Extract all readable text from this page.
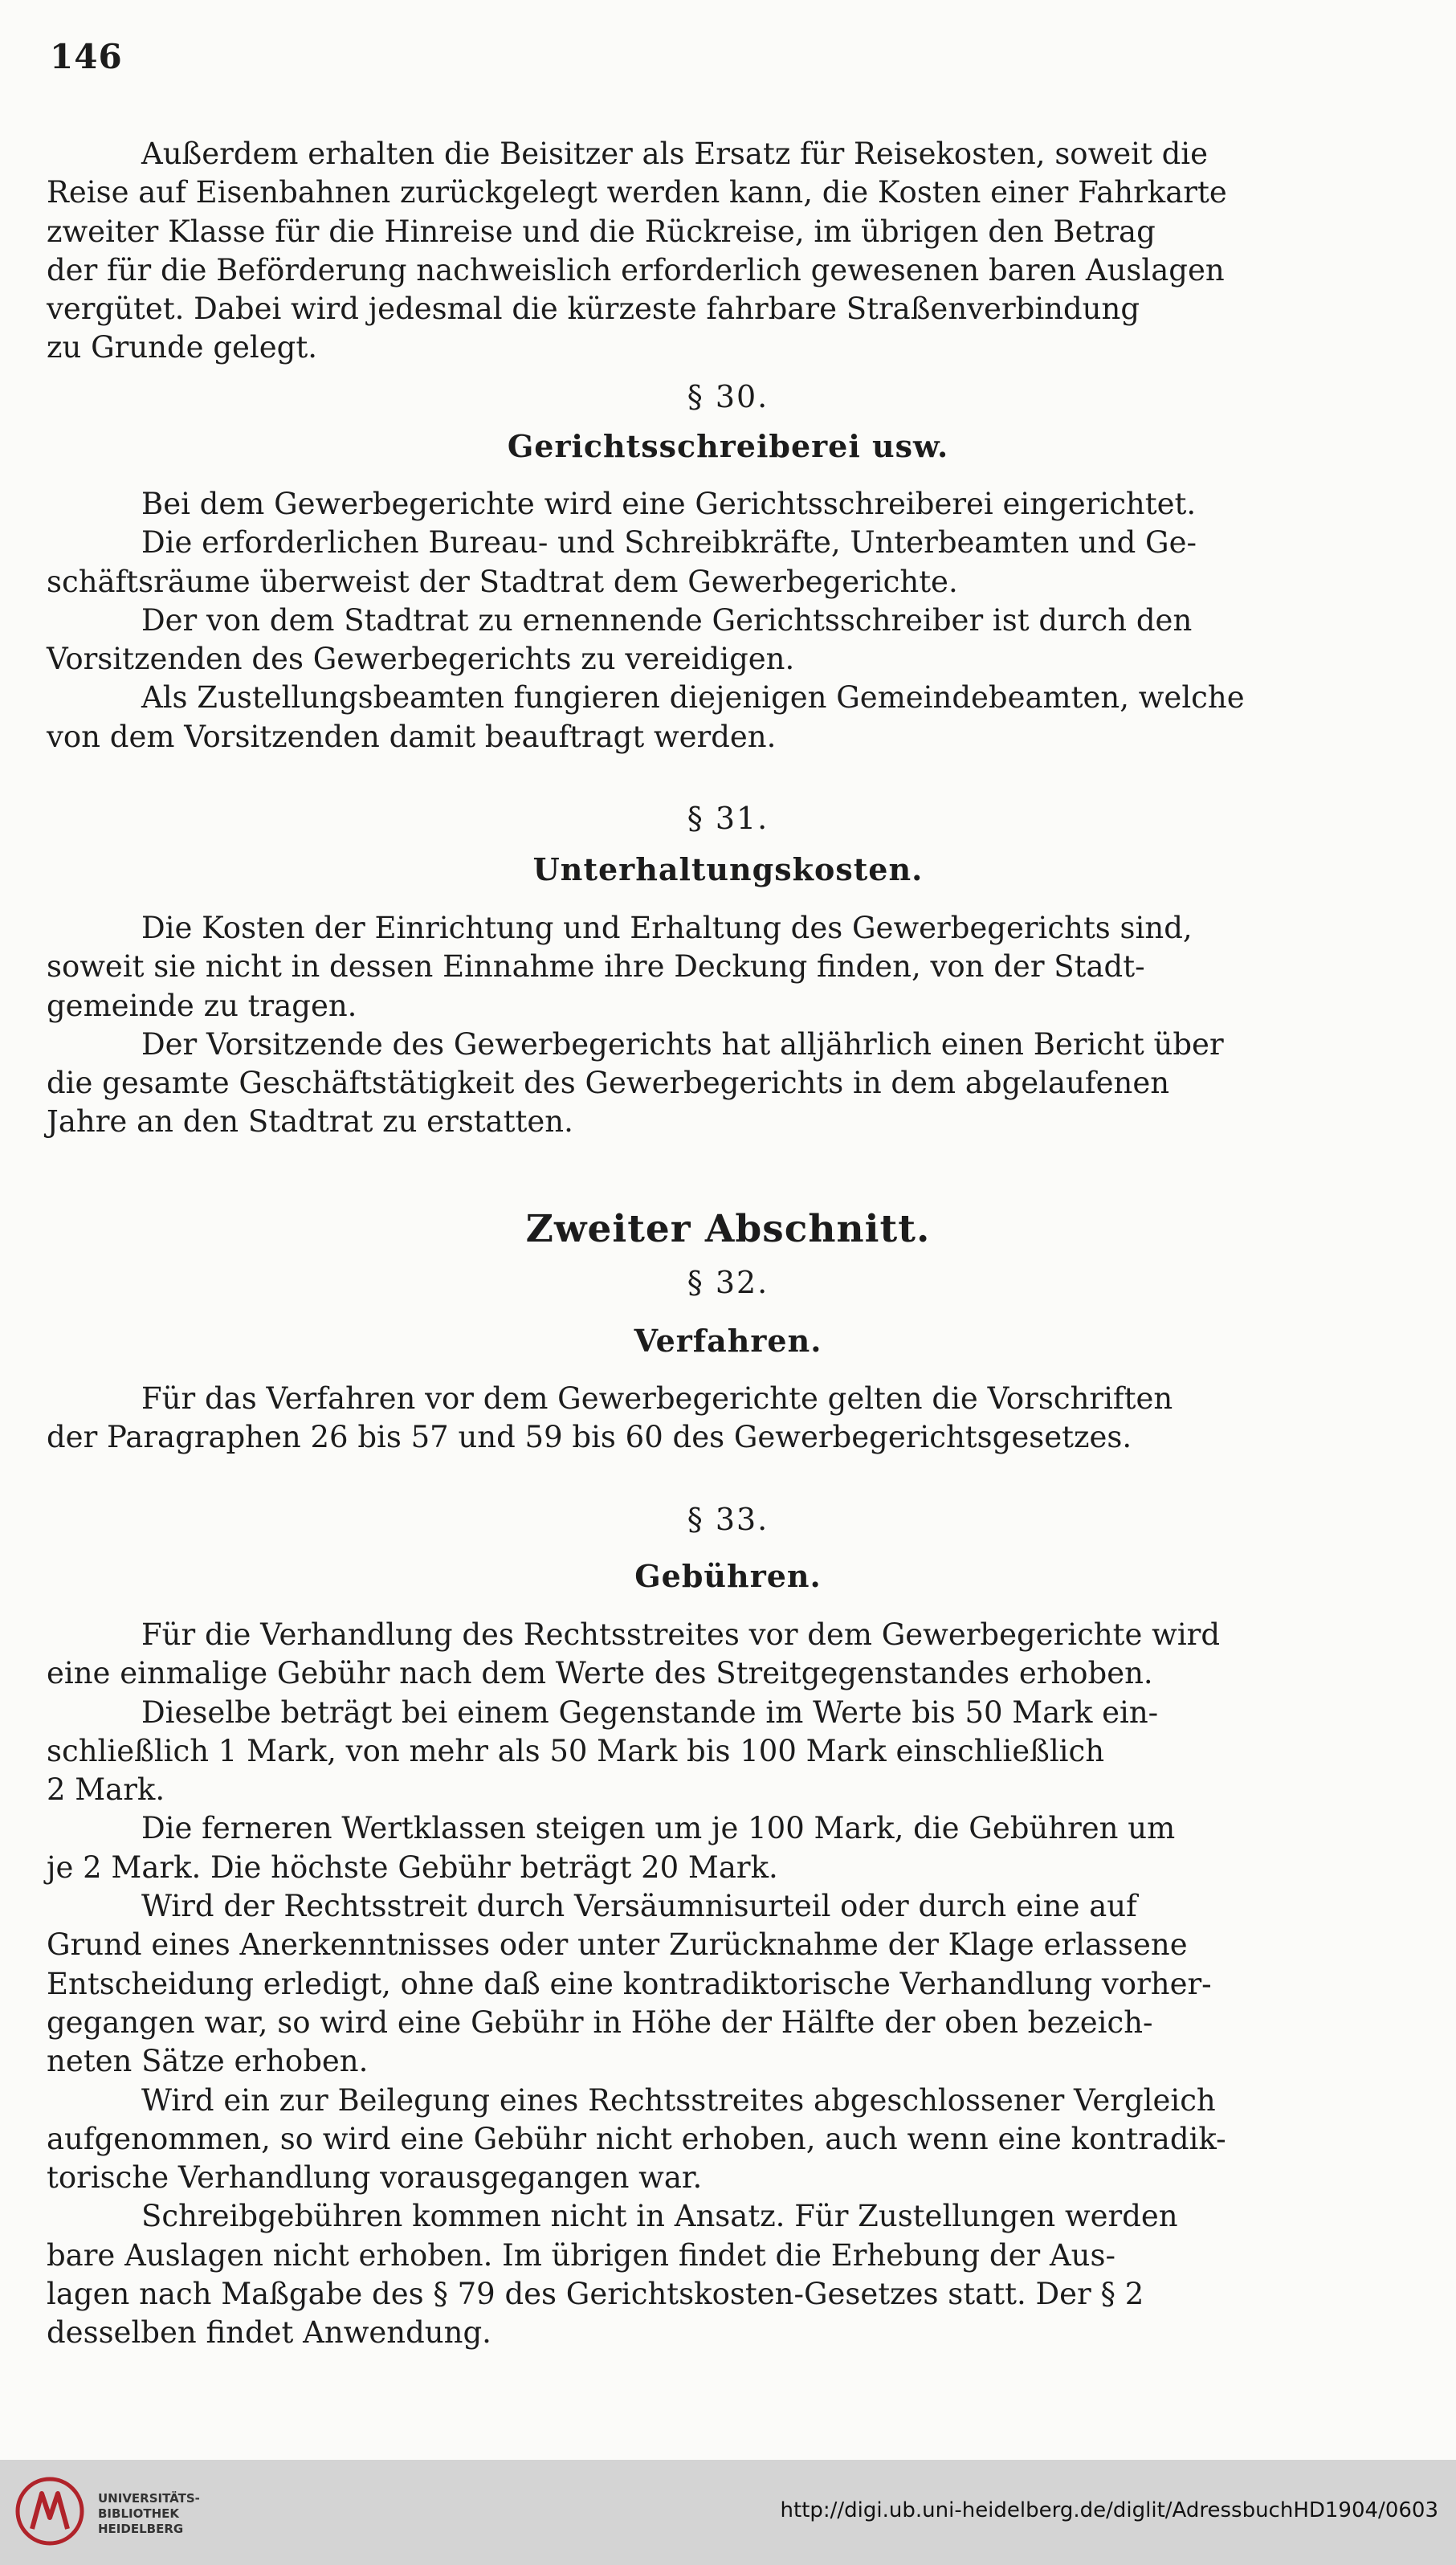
146

Außerdem erhalten die Beisitzer als Ersatz für Reisekosten, soweit die

Reise auf Eisenbahnen zurückgelegt werden kann, die Kosten einer Fahrkarte

zweiter Klasse für die Hinreise und die Rückreise, im übrigen den Betrag

der für die Beförderung nachweislich erforderlich gewesenen baren Auslagen

vergütet. Dabei wird jedesmal die kürzeste fahrbare Straßenverbindung

zu Grunde gelegt.

§ 30.
Gerichtsschreiberei usw.

Bei dem Gewerbegerichte wird eine Gerichtsschreiberei eingerichtet.

Die erforderlichen Bureau- und Schreibkräfte, Unterbeamten und Ge-

schäftsräume überweist der Stadtrat dem Gewerbegerichte.

Der von dem Stadtrat zu ernennende Gerichtsschreiber ist durch den

Vorsitzenden des Gewerbegerichts zu vereidigen.

Als Zustellungsbeamten fungieren diejenigen Gemeindebeamten, welche

von dem Vorsitzenden damit beauftragt werden.

§ 31.
Unterhaltungskosten.

Die Kosten der Einrichtung und Erhaltung des Gewerbegerichts sind,

soweit sie nicht in dessen Einnahme ihre Deckung finden, von der Stadt-

gemeinde zu tragen.

Der Vorsitzende des Gewerbegerichts hat alljährlich einen Bericht über

die gesamte Geschäftstätigkeit des Gewerbegerichts in dem abgelaufenen

Jahre an den Stadtrat zu erstatten.

Zweiter Abschnitt.
§ 32.
Verfahren.

Für das Verfahren vor dem Gewerbegerichte gelten die Vorschriften

der Paragraphen 26 bis 57 und 59 bis 60 des Gewerbegerichtsgesetzes.

§ 33.
Gebühren.

Für die Verhandlung des Rechtsstreites vor dem Gewerbegerichte wird

eine einmalige Gebühr nach dem Werte des Streitgegenstandes erhoben.

Dieselbe beträgt bei einem Gegenstande im Werte bis 50 Mark ein-

schließlich 1 Mark, von mehr als 50 Mark bis 100 Mark einschließlich

2 Mark.

Die ferneren Wertklassen steigen um je 100 Mark, die Gebühren um

je 2 Mark. Die höchste Gebühr beträgt 20 Mark.

Wird der Rechtsstreit durch Versäumnisurteil oder durch eine auf

Grund eines Anerkenntnisses oder unter Zurücknahme der Klage erlassene

Entscheidung erledigt, ohne daß eine kontradiktorische Verhandlung vorher-

gegangen war, so wird eine Gebühr in Höhe der Hälfte der oben bezeich-

neten Sätze erhoben.

Wird ein zur Beilegung eines Rechtsstreites abgeschlossener Vergleich

aufgenommen, so wird eine Gebühr nicht erhoben, auch wenn eine kontradik-

torische Verhandlung vorausgegangen war.

Schreibgebühren kommen nicht in Ansatz. Für Zustellungen werden

bare Auslagen nicht erhoben. Im übrigen findet die Erhebung der Aus-

lagen nach Maßgabe des § 79 des Gerichtskosten-Gesetzes statt. Der § 2

desselben findet Anwendung.

UNIVERSITÄTS-
BIBLIOTHEK
HEIDELBERG
http://digi.ub.uni-heidelberg.de/diglit/AdressbuchHD1904/0603
